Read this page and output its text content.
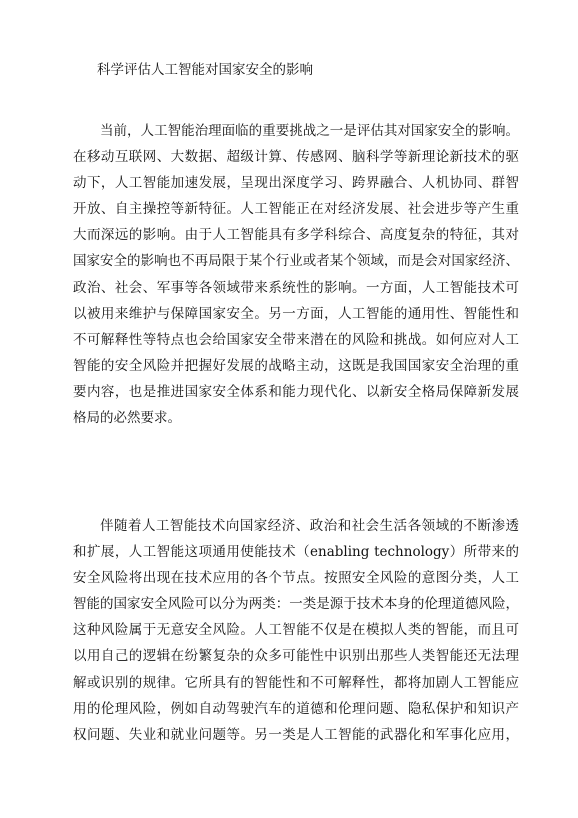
科学评估人工智能对国家安全的影响
当前，人工智能治理面临的重要挑战之一是评估其对国家安全的影响。
在移动互联网、大数据、超级计算、传感网、脑科学等新理论新技术的驱
动下，人工智能加速发展，呈现出深度学习、跨界融合、人机协同、群智
开放、自主操控等新特征。人工智能正在对经济发展、社会进步等产生重
大而深远的影响。由于人工智能具有多学科综合、高度复杂的特征，其对
国家安全的影响也不再局限于某个行业或者某个领域，而是会对国家经济、
政治、社会、军事等各领域带来系统性的影响。一方面，人工智能技术可
以被用来维护与保障国家安全。另一方面，人工智能的通用性、智能性和
不可解释性等特点也会给国家安全带来潜在的风险和挑战。如何应对人工
智能的安全风险并把握好发展的战略主动，这既是我国国家安全治理的重
要内容，也是推进国家安全体系和能力现代化、以新安全格局保障新发展
格局的必然要求。
伴随着人工智能技术向国家经济、政治和社会生活各领域的不断渗透
和扩展，人工智能这项通用使能技术（enabling technology）所带来的
安全风险将出现在技术应用的各个节点。按照安全风险的意图分类，人工
智能的国家安全风险可以分为两类：一类是源于技术本身的伦理道德风险，
这种风险属于无意安全风险。人工智能不仅是在模拟人类的智能，而且可
以用自己的逻辑在纷繁复杂的众多可能性中识别出那些人类智能还无法理
解或识别的规律。它所具有的智能性和不可解释性，都将加剧人工智能应
用的伦理风险，例如自动驾驶汽车的道德和伦理问题、隐私保护和知识产
权问题、失业和就业问题等。另一类是人工智能的武器化和军事化应用，
